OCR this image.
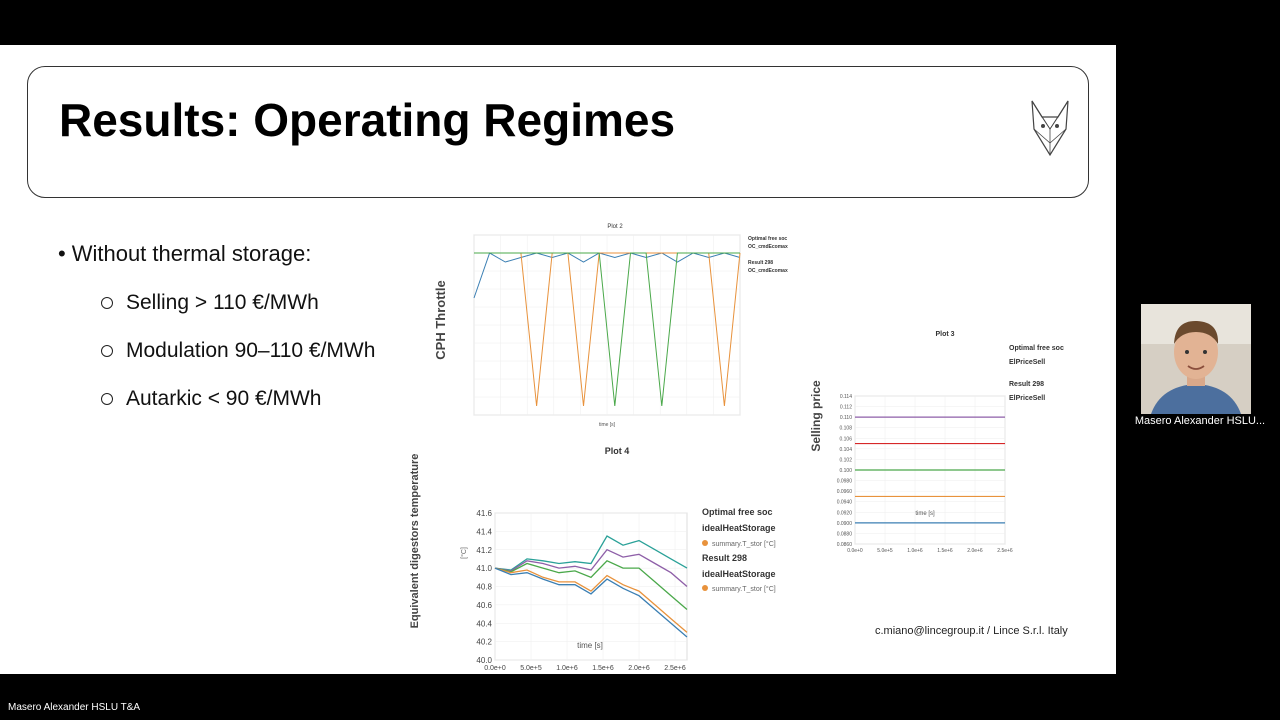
Results: Operating Regimes
• Without thermal storage:
Selling > 110 €/MWh
Modulation 90–110 €/MWh
Autarkic < 90 €/MWh
Plot 2
CPH Throttle
time [s]
Optimal free soc
OC_cmdEcomax
Result 298
OC_cmdEcomax
Plot 3
Selling price	0.114
0.112
0.110
0.108
0.106
0.104
0.102
0.100
0.0980
0.0960
0.0940
0.0920
0.0900
0.0880
0.0860
0.0e+0	5.0e+5	1.0e+6	1.5e+6	2.0e+6	2.5e+6
time [s]
Optimal free soc
ElPriceSell
Result 298
ElPriceSell
Plot 4
Equivalent digestors temperature	[°C]
41.6
41.4
41.2
41.0
40.8
40.6
40.4
40.2
40.0
0.0e+0 5.0e+5 1.0e+6 1.5e+6 2.0e+6 2.5e+6
Optimal free soc
idealHeatStorage
summary.T_stor [°C]
Result 298
idealHeatStorage
summary.T_stor [°C]
time [s]
c.miano@lincegroup.it / Lince S.r.l. Italy
Masero Alexander HSLU...
Masero Alexander HSLU T&A
